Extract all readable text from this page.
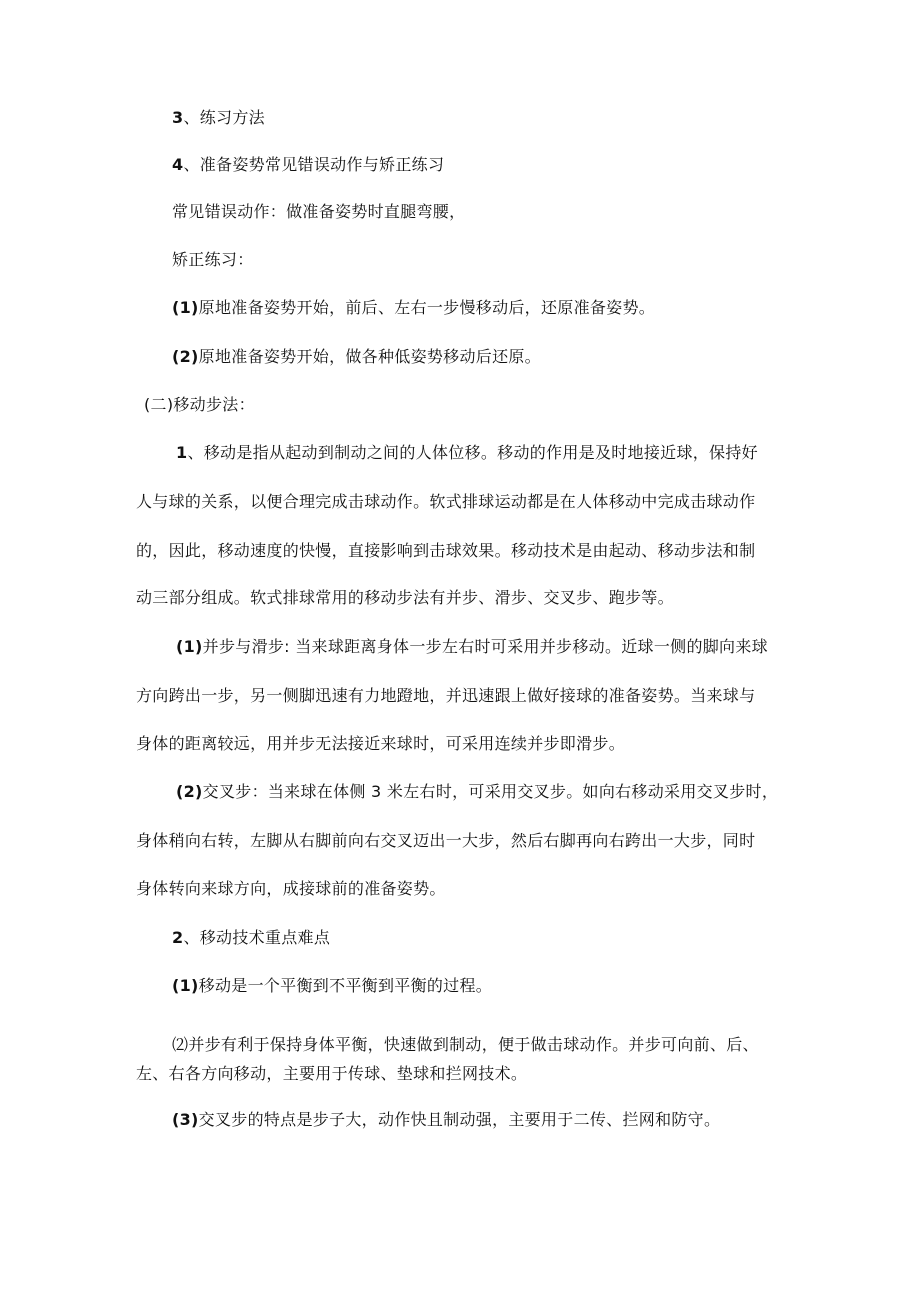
3、练习方法
4、准备姿势常见错误动作与矫正练习
常见错误动作：做准备姿势时直腿弯腰，
矫正练习：
(1)原地准备姿势开始，前后、左右一步慢移动后，还原准备姿势。
(2)原地准备姿势开始，做各种低姿势移动后还原。
(二)移动步法：
1、移动是指从起动到制动之间的人体位移。移动的作用是及时地接近球，保持好
人与球的关系，以便合理完成击球动作。软式排球运动都是在人体移动中完成击球动作
的，因此，移动速度的快慢，直接影响到击球效果。移动技术是由起动、移动步法和制
动三部分组成。软式排球常用的移动步法有并步、滑步、交叉步、跑步等。
(1)并步与滑步: 当来球距离身体一步左右时可采用并步移动。近球一侧的脚向来球
方向跨出一步，另一侧脚迅速有力地蹬地，并迅速跟上做好接球的准备姿势。当来球与
身体的距离较远，用并步无法接近来球时，可采用连续并步即滑步。
(2)交叉步：当来球在体侧 3 米左右时，可采用交叉步。如向右移动采用交叉步时，
身体稍向右转，左脚从右脚前向右交叉迈出一大步，然后右脚再向右跨出一大步，同时
身体转向来球方向，成接球前的准备姿势。
2、移动技术重点难点
(1)移动是一个平衡到不平衡到平衡的过程。
⑵并步有利于保持身体平衡，快速做到制动，便于做击球动作。并步可向前、后、
左、右各方向移动，主要用于传球、垫球和拦网技术。
(3)交叉步的特点是步子大，动作快且制动强，主要用于二传、拦网和防守。
